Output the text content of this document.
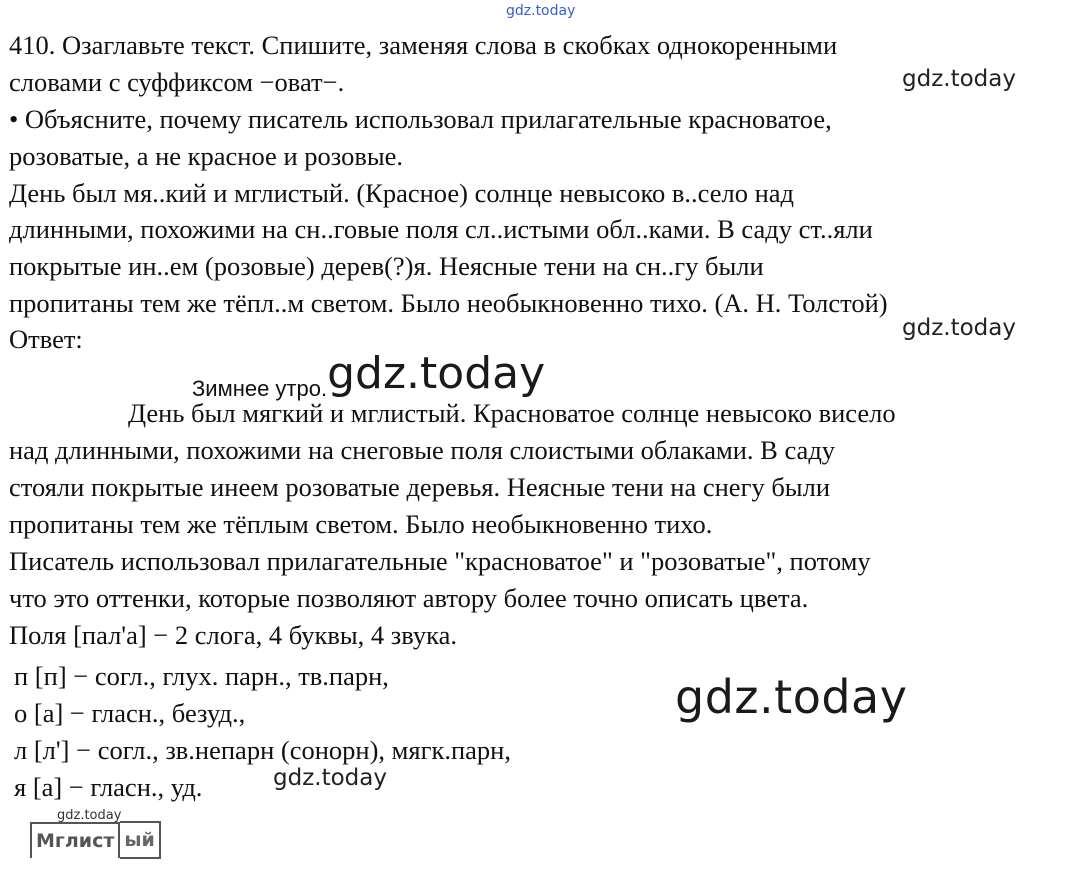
gdz.today
410. Озаглавьте текст. Спишите, заменяя слова в скобках однокоренными
словами с суффиксом −оват−.	gdz.today
• Объясните, почему писатель использовал прилагательные красноватое,
розоватые, а не красное и розовые.
День был мя..кий и мглистый. (Красное) солнце невысоко в..село над
длинными, похожими на сн..говые поля сл..истыми обл..ками. В саду ст..яли
покрытые ин..ем (розовые) дерев(?)я. Неясные тени на сн..гу были
пропитаны тем же тёпл..м светом. Было необыкновенно тихо. (А. Н. Толстой)
gdz.today
Ответ:
Зимнее утро.gdz.today
День был мягкий и мглистый. Красноватое солнце невысоко висело
над длинными, похожими на снеговые поля слоистыми облаками. В саду
стояли покрытые инеем розоватые деревья. Неясные тени на снегу были
пропитаны тем же тёплым светом. Было необыкновенно тихо.
Писатель использовал прилагательные "красноватое" и "розоватые", потому
что это оттенки, которые позволяют автору более точно описать цвета.
Поля [пал'а] − 2 слога, 4 буквы, 4 звука.
п [п] − согл., глух. парн., тв.парн,
о [а] − гласн., безуд.,
л [л'] − согл., зв.непарн (сонорн), мягк.парн,
я [а] − гласн., уд.
gdz.today
gdz.today
gdz.today
Мглист ый
